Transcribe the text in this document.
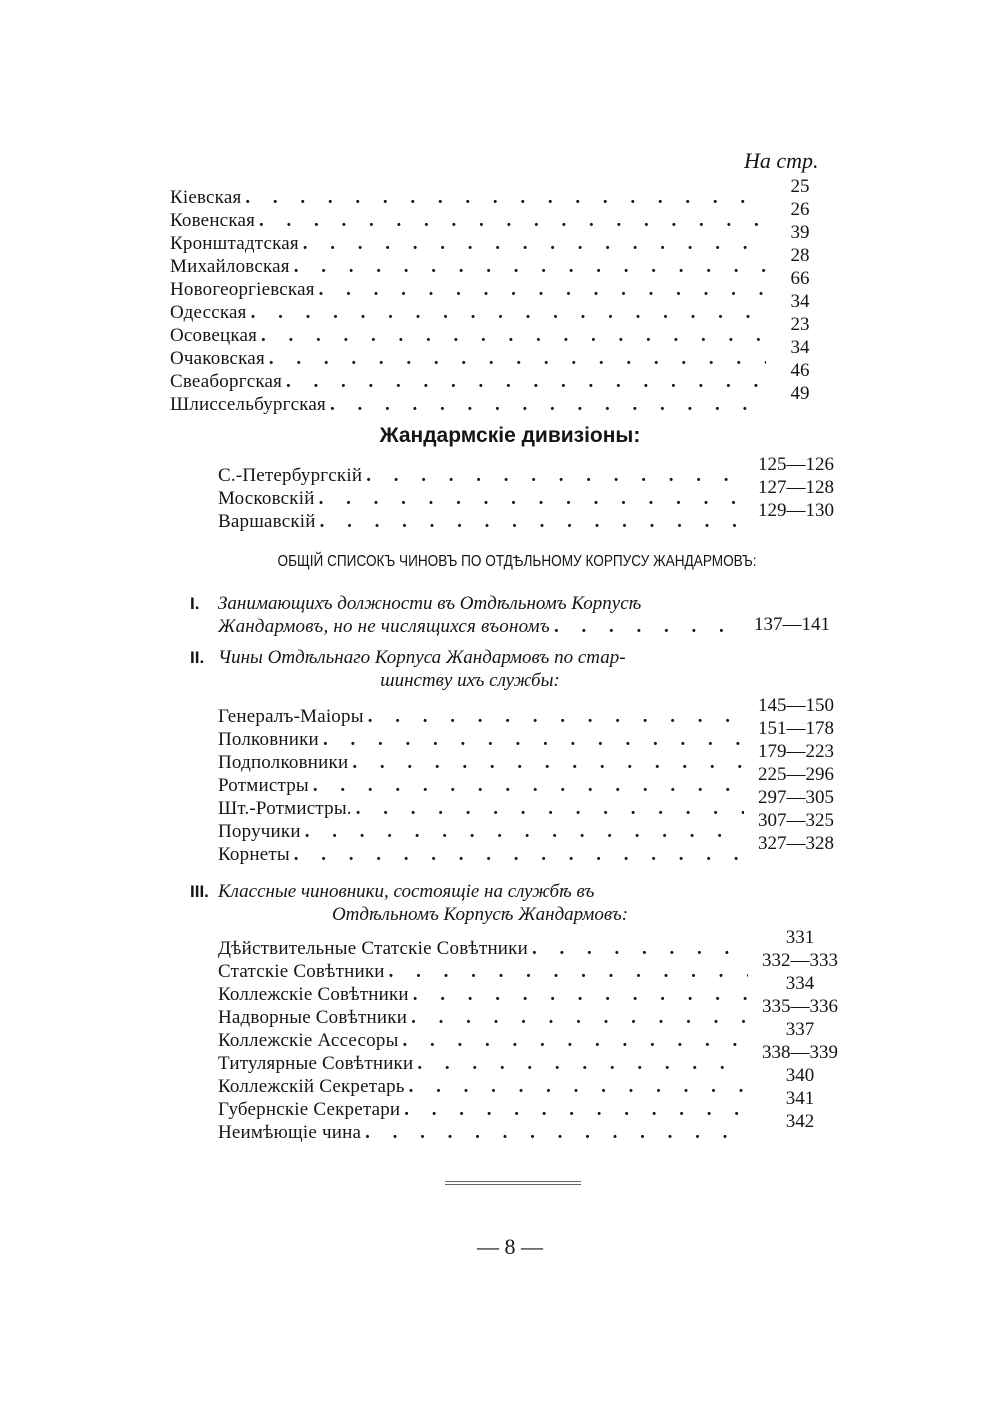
На стр.
Кіевская
. . .
25
Ковенская
. . .
26
Кронштадтская
. . .
39
Михайловская
. . .
28
Новогеоргіевская
. . .
66
Одесская
. . .
34
Осовецкая
. . .
23
Очаковская
. . .
34
Свеаборгская
. . .
46
Шлиссельбургская
. . .
49
Жандармскіе дивизіоны:
С.-Петербургскій
. . .
125—126
Московскій
. . .
127—128
Варшавскій
. . .
129—130
ОБЩІЙ СПИСОКЪ ЧИНОВЪ ПО ОТДѢЛЬНОМУ КОРПУСУ ЖАНДАРМОВЪ:
I. Занимающихъ должности въ Отдѣльномъ Корпусѣ
Жандармовъ, но не числящихся въономъ . . .	137—141
II. Чины Отдѣльнаго Корпуса Жандармовъ по стар-
шинству ихъ службы:
Генералъ-Маіоры
. . .
145—150
Полковники
. . .
151—178
Подполковники
. . .
179—223
Ротмистры
. . .
225—296
Шт.-Ротмистры.
. . .
297—305
Поручики
. . .
307—325
Корнеты
. . .
327—328
III. Классные чиновники, состоящіе на службѣ въ
Отдѣльномъ Корпусѣ Жандармовъ:
Дѣйствительные Статскіе Совѣтники
. . .
331
Статскіе Совѣтники
. . .
332—333
Коллежскіе Совѣтники
. . .
334
Надворные Совѣтники
. . .
335—336
Коллежскіе Ассесоры
. . .
337
Титулярные Совѣтники
. . .
338—339
Коллежскій Секретарь
. . .
340
Губернскіе Секретари
. . .
341
Неимѣющіе чина
. . .
342
— 8 —
